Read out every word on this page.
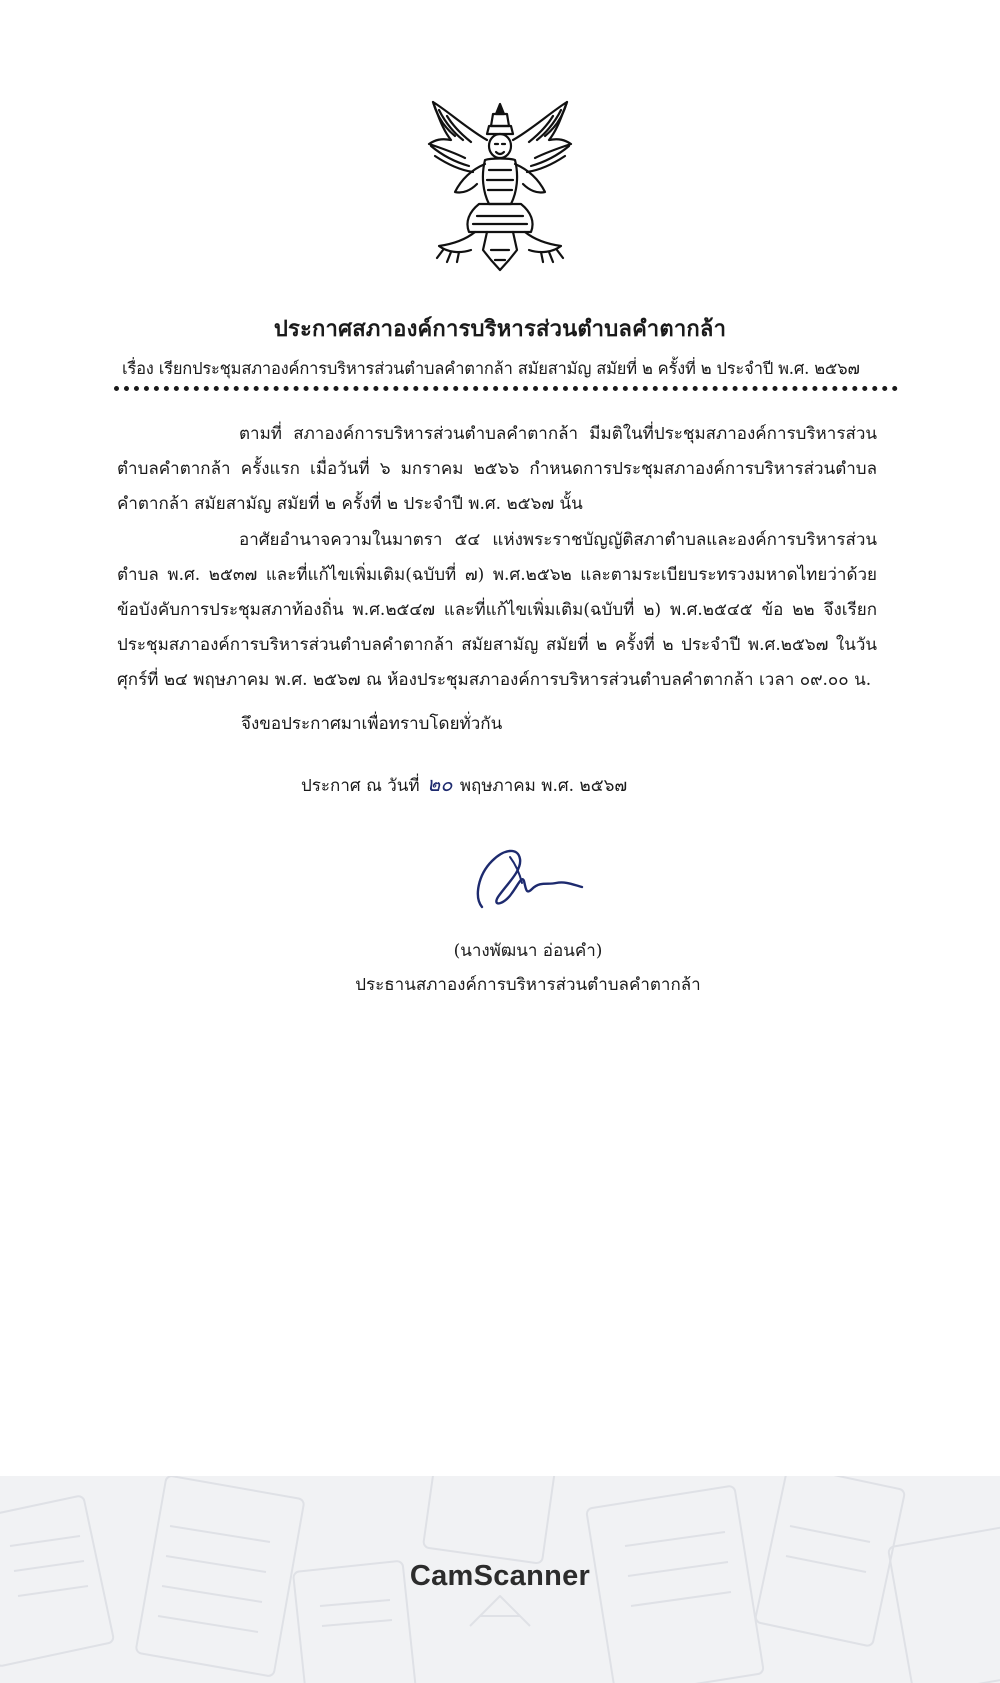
ประกาศสภาองค์การบริหารส่วนตำบลคำตากล้า
เรื่อง เรียกประชุมสภาองค์การบริหารส่วนตำบลคำตากล้า สมัยสามัญ สมัยที่ ๒ ครั้งที่ ๒ ประจำปี พ.ศ. ๒๕๖๗
ตามที่ สภาองค์การบริหารส่วนตำบลคำตากล้า มีมติในที่ประชุมสภาองค์การบริหารส่วนตำบลคำตากล้า ครั้งแรก เมื่อวันที่ ๖ มกราคม ๒๕๖๖ กำหนดการประชุมสภาองค์การบริหารส่วนตำบลคำตากล้า สมัยสามัญ สมัยที่ ๒ ครั้งที่ ๒ ประจำปี พ.ศ. ๒๕๖๗ นั้น
อาศัยอำนาจความในมาตรา ๕๔ แห่งพระราชบัญญัติสภาตำบลและองค์การบริหารส่วนตำบล พ.ศ. ๒๕๓๗ และที่แก้ไขเพิ่มเติม(ฉบับที่ ๗) พ.ศ.๒๕๖๒ และตามระเบียบระทรวงมหาดไทยว่าด้วยข้อบังคับการประชุมสภาท้องถิ่น พ.ศ.๒๕๔๗ และที่แก้ไขเพิ่มเติม(ฉบับที่ ๒) พ.ศ.๒๕๔๕ ข้อ ๒๒ จึงเรียกประชุมสภาองค์การบริหารส่วนตำบลคำตากล้า สมัยสามัญ สมัยที่ ๒ ครั้งที่ ๒ ประจำปี พ.ศ.๒๕๖๗ ในวันศุกร์ที่ ๒๔ พฤษภาคม พ.ศ. ๒๕๖๗ ณ ห้องประชุมสภาองค์การบริหารส่วนตำบลคำตากล้า เวลา ๐๙.๐๐ น.
จึงขอประกาศมาเพื่อทราบโดยทั่วกัน
ประกาศ ณ วันที่ ๒๐ พฤษภาคม พ.ศ. ๒๕๖๗
(นางพัฒนา อ่อนคำ)
ประธานสภาองค์การบริหารส่วนตำบลคำตากล้า
CamScanner
